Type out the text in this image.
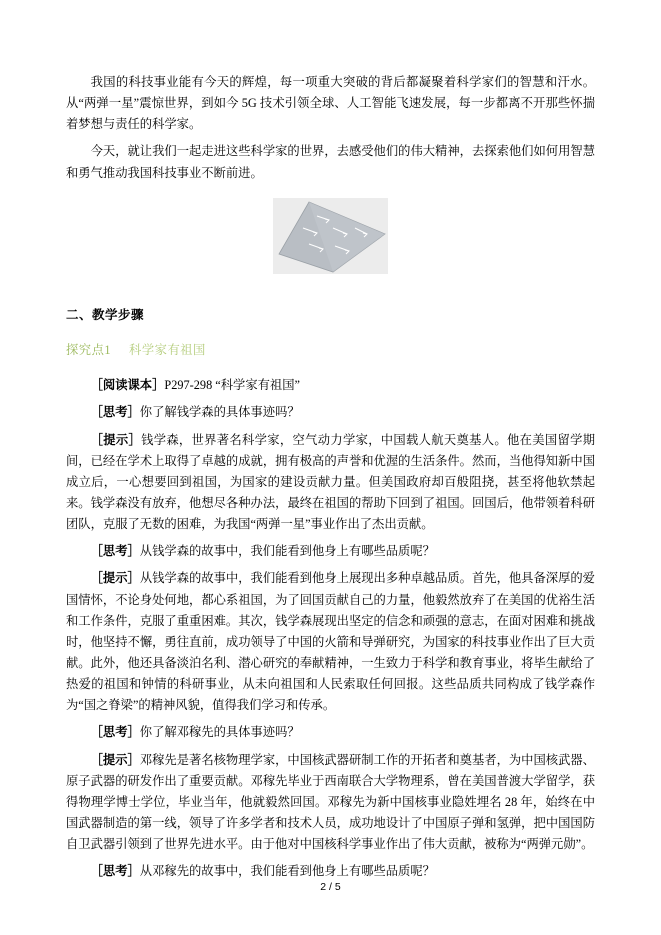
我国的科技事业能有今天的辉煌，每一项重大突破的背后都凝聚着科学家们的智慧和汗水。从“两弹一星”震惊世界，到如今 5G 技术引领全球、人工智能飞速发展，每一步都离不开那些怀揣着梦想与责任的科学家。

今天，就让我们一起走进这些科学家的世界，去感受他们的伟大精神，去探索他们如何用智慧和勇气推动我国科技事业不断前进。

二、教学步骤

探究点1 科学家有祖国

［阅读课本］P297-298 “科学家有祖国”

［思考］你了解钱学森的具体事迹吗？

［提示］钱学森，世界著名科学家，空气动力学家，中国载人航天奠基人。他在美国留学期间，已经在学术上取得了卓越的成就，拥有极高的声誉和优渥的生活条件。然而，当他得知新中国成立后，一心想要回到祖国，为国家的建设贡献力量。但美国政府却百般阻挠，甚至将他软禁起来。钱学森没有放弃，他想尽各种办法，最终在祖国的帮助下回到了祖国。回国后，他带领着科研团队，克服了无数的困难，为我国“两弹一星”事业作出了杰出贡献。

［思考］从钱学森的故事中，我们能看到他身上有哪些品质呢？

［提示］从钱学森的故事中，我们能看到他身上展现出多种卓越品质。首先，他具备深厚的爱国情怀，不论身处何地，都心系祖国，为了回国贡献自己的力量，他毅然放弃了在美国的优裕生活和工作条件，克服了重重困难。其次，钱学森展现出坚定的信念和顽强的意志，在面对困难和挑战时，他坚持不懈，勇往直前，成功领导了中国的火箭和导弹研究，为国家的科技事业作出了巨大贡献。此外，他还具备淡泊名利、潜心研究的奉献精神，一生致力于科学和教育事业，将毕生献给了热爱的祖国和钟情的科研事业，从未向祖国和人民索取任何回报。这些品质共同构成了钱学森作为“国之脊梁”的精神风貌，值得我们学习和传承。

［思考］你了解邓稼先的具体事迹吗？

［提示］邓稼先是著名核物理学家，中国核武器研制工作的开拓者和奠基者，为中国核武器、原子武器的研发作出了重要贡献。邓稼先毕业于西南联合大学物理系，曾在美国普渡大学留学，获得物理学博士学位，毕业当年，他就毅然回国。邓稼先为新中国核事业隐姓埋名 28 年，始终在中国武器制造的第一线，领导了许多学者和技术人员，成功地设计了中国原子弹和氢弹，把中国国防自卫武器引领到了世界先进水平。由于他对中国核科学事业作出了伟大贡献，被称为“两弹元勋”。

［思考］从邓稼先的故事中，我们能看到他身上有哪些品质呢？

2 / 5
